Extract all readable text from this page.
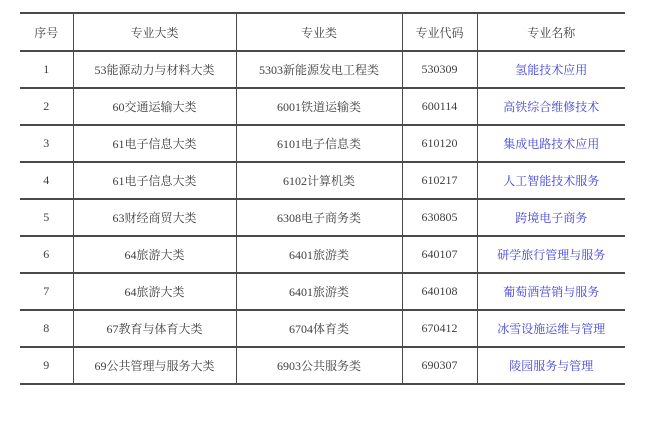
序号	专业大类	专业类	专业代码	专业名称
1	53能源动力与材料大类	5303新能源发电工程类	530309	氢能技术应用
2	60交通运输大类	6001铁道运输类	600114	高铁综合维修技术
3	61电子信息大类	6101电子信息类	610120	集成电路技术应用
4	61电子信息大类	6102计算机类	610217	人工智能技术服务
5	63财经商贸大类	6308电子商务类	630805	跨境电子商务
6	64旅游大类	6401旅游类	640107	研学旅行管理与服务
7	64旅游大类	6401旅游类	640108	葡萄酒营销与服务
8	67教育与体育大类	6704体育类	670412	冰雪设施运维与管理
9	69公共管理与服务大类	6903公共服务类	690307	陵园服务与管理
